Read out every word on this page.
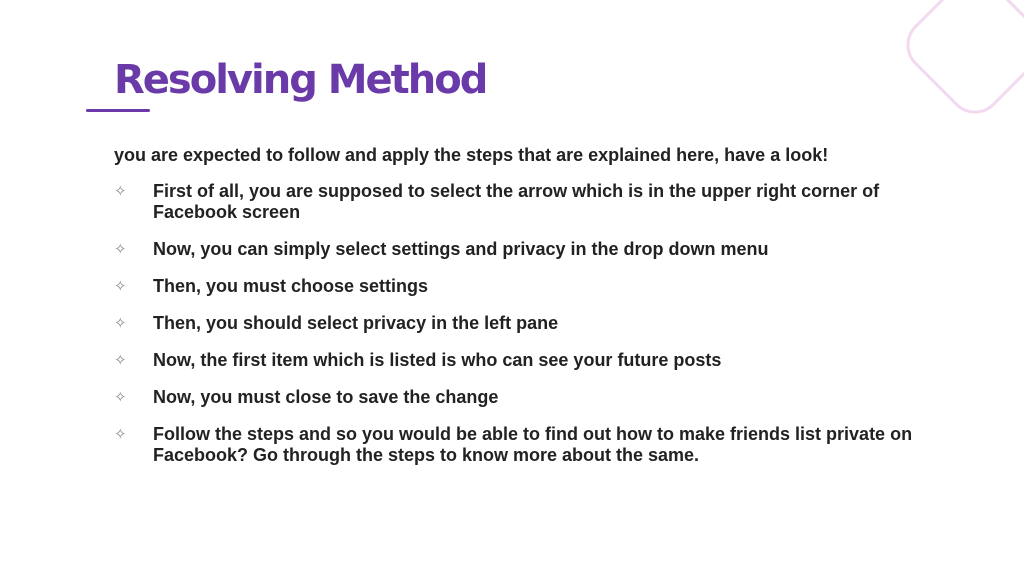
Resolving Method

you are expected to follow and apply the steps that are explained here, have a look!

✧ First of all, you are supposed to select the arrow which is in the upper right corner of Facebook screen
✧ Now, you can simply select settings and privacy in the drop down menu
✧ Then, you must choose settings
✧ Then, you should select privacy in the left pane
✧ Now, the first item which is listed is who can see your future posts
✧ Now, you must close to save the change
✧ Follow the steps and so you would be able to find out how to make friends list private on Facebook? Go through the steps to know more about the same.
